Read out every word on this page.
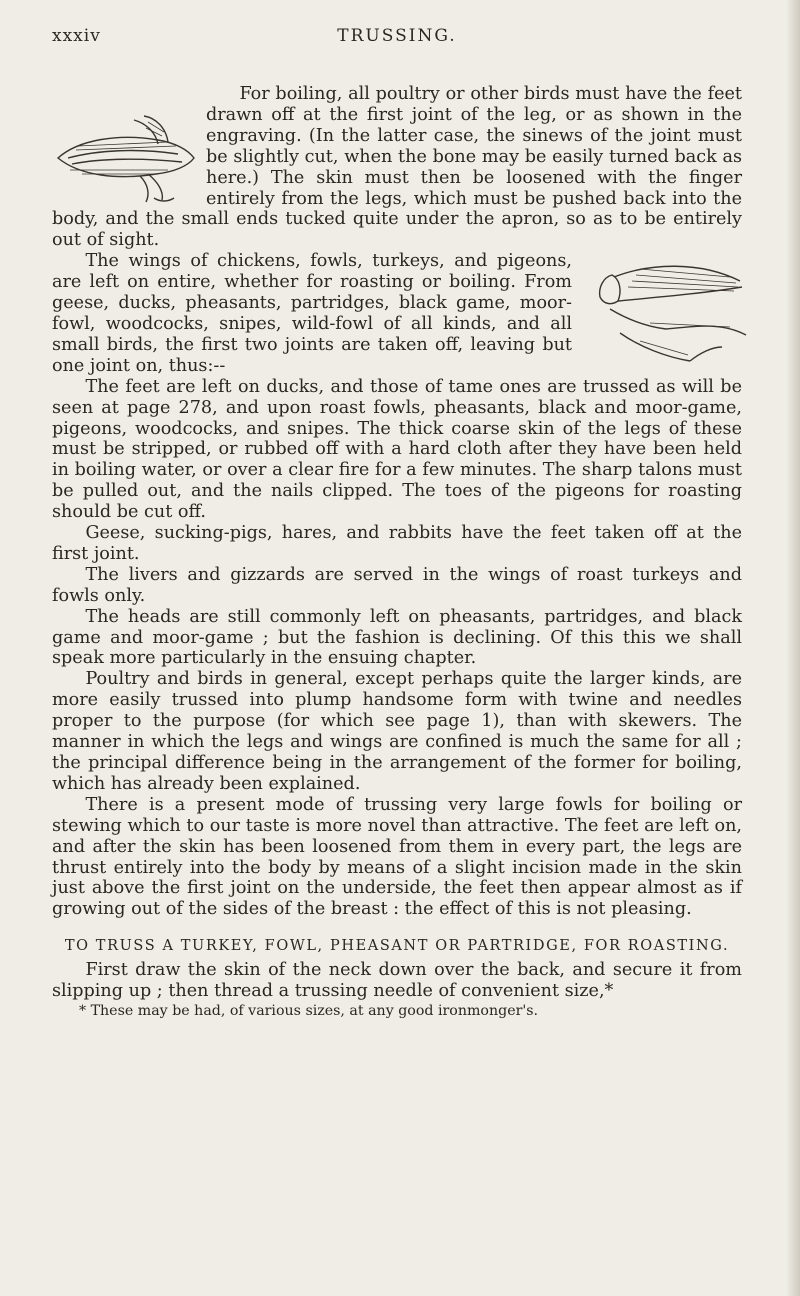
xxxiv	TRUSSING.

For boiling, all poultry or other birds must have the feet drawn off at the first joint of the leg, or as shown in the engraving. (In the latter case, the sinews of the joint must be slightly cut, when the bone may be easily turned back as here.) The skin must then be loosened with the finger entirely from the legs, which must be pushed back into the body, and the small ends tucked quite under the apron, so as to be entirely out of sight.

The wings of chickens, fowls, turkeys, and pigeons, are left on entire, whether for roasting or boiling. From geese, ducks, pheasants, partridges, black game, moor-fowl, woodcocks, snipes, wild-fowl of all kinds, and all small birds, the first two joints are taken off, leaving but one joint on, thus:--

The feet are left on ducks, and those of tame ones are trussed as will be seen at page 278, and upon roast fowls, pheasants, black and moor-game, pigeons, woodcocks, and snipes. The thick coarse skin of the legs of these must be stripped, or rubbed off with a hard cloth after they have been held in boiling water, or over a clear fire for a few minutes. The sharp talons must be pulled out, and the nails clipped. The toes of the pigeons for roasting should be cut off.

Geese, sucking-pigs, hares, and rabbits have the feet taken off at the first joint.

The livers and gizzards are served in the wings of roast turkeys and fowls only.

The heads are still commonly left on pheasants, partridges, and black game and moor-game ; but the fashion is declining. Of this this we shall speak more particularly in the ensuing chapter.

Poultry and birds in general, except perhaps quite the larger kinds, are more easily trussed into plump handsome form with twine and needles proper to the purpose (for which see page 1), than with skewers. The manner in which the legs and wings are confined is much the same for all ; the principal difference being in the arrangement of the former for boiling, which has already been explained.

There is a present mode of trussing very large fowls for boiling or stewing which to our taste is more novel than attractive. The feet are left on, and after the skin has been loosened from them in every part, the legs are thrust entirely into the body by means of a slight incision made in the skin just above the first joint on the underside, the feet then appear almost as if growing out of the sides of the breast : the effect of this is not pleasing.

TO TRUSS A TURKEY, FOWL, PHEASANT OR PARTRIDGE, FOR ROASTING.

First draw the skin of the neck down over the back, and secure it from slipping up ; then thread a trussing needle of convenient size,*

* These may be had, of various sizes, at any good ironmonger's.
